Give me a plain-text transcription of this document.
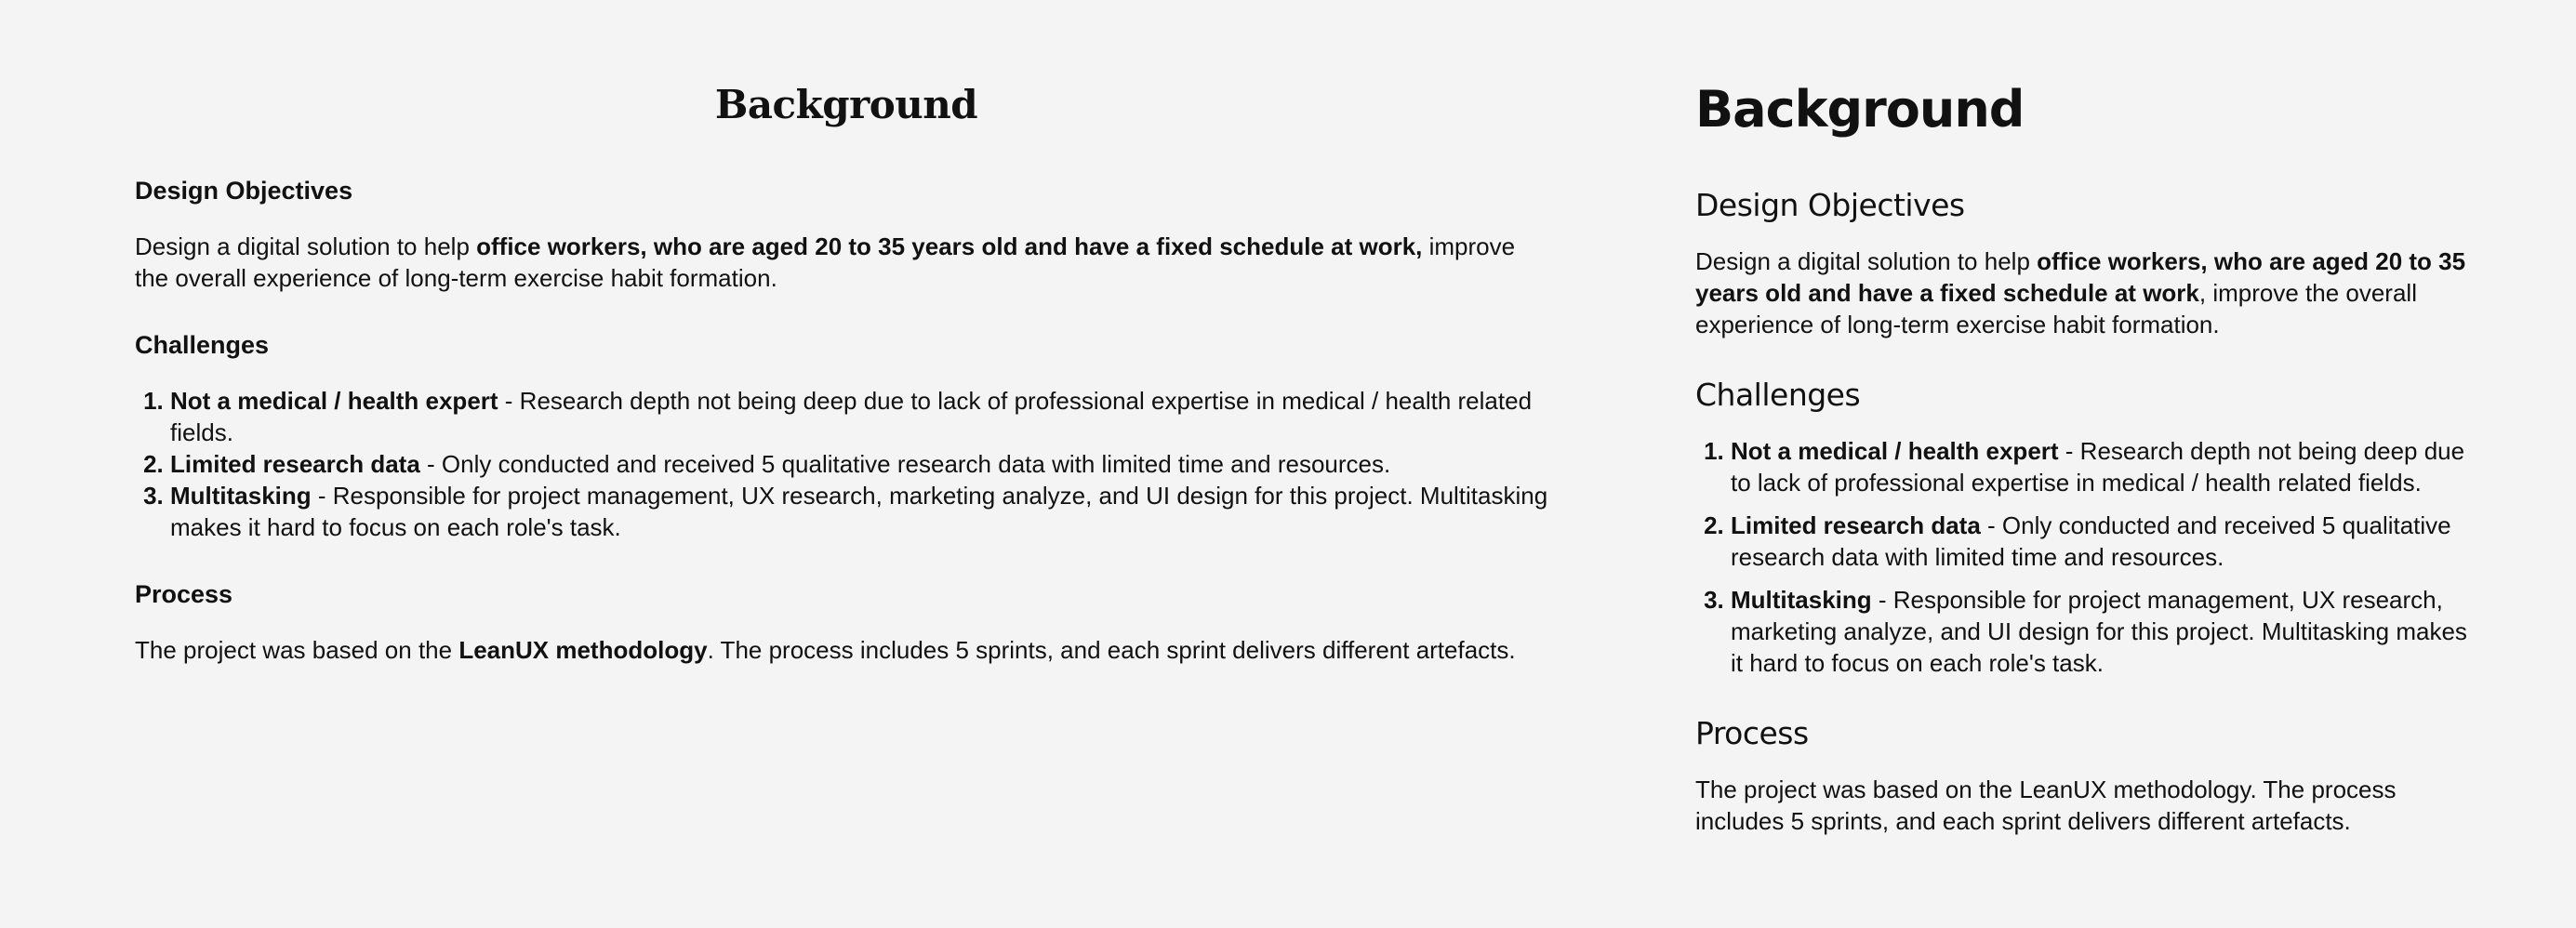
Background
Design Objectives

Design a digital solution to help office workers, who are aged 20 to 35 years old and have a fixed schedule at work, improve the overall experience of long-term exercise habit formation.

Challenges
1. Not a medical / health expert - Research depth not being deep due to lack of professional expertise in medical / health related fields.
2. Limited research data - Only conducted and received 5 qualitative research data with limited time and resources.
3. Multitasking - Responsible for project management, UX research, marketing analyze, and UI design for this project. Multitasking makes it hard to focus on each role's task.
Process

The project was based on the LeanUX methodology. The process includes 5 sprints, and each sprint delivers different artefacts.

Background
Design Objectives

Design a digital solution to help office workers, who are aged 20 to 35 years old and have a fixed schedule at work, improve the overall experience of long-term exercise habit formation.

Challenges
1. Not a medical / health expert - Research depth not being deep due to lack of professional expertise in medical / health related fields.
2. Limited research data - Only conducted and received 5 qualitative research data with limited time and resources.
3. Multitasking - Responsible for project management, UX research, marketing analyze, and UI design for this project. Multitasking makes it hard to focus on each role's task.
Process

The project was based on the LeanUX methodology. The process includes 5 sprints, and each sprint delivers different artefacts.
